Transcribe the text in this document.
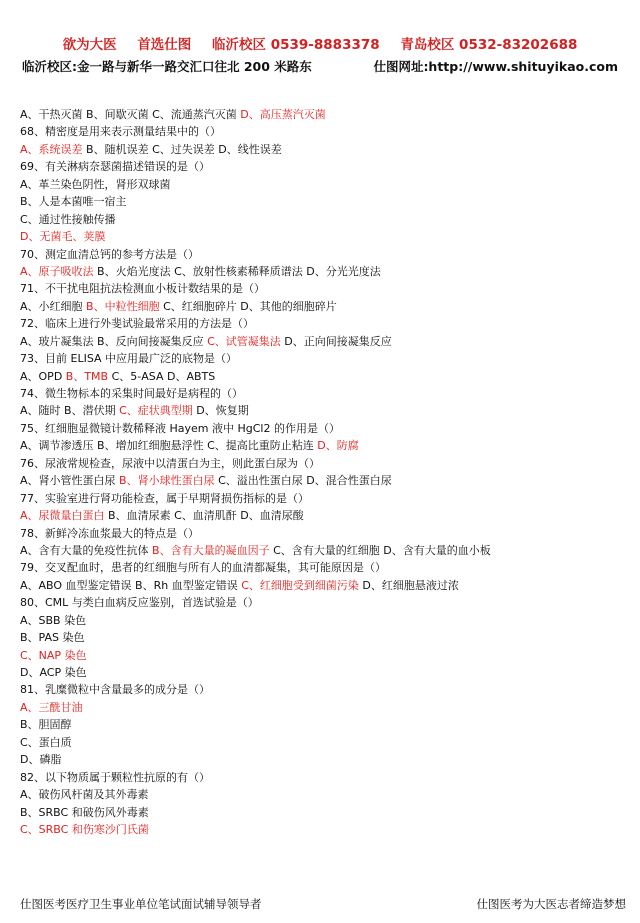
欲为大医 首选仕图 临沂校区 0539-8883378 青岛校区 0532-83202688
临沂校区:金一路与新华一路交汇口往北 200 米路东	仕图网址:http://www.shituyikao.com
A、干热灭菌 B、间歇灭菌 C、流通蒸汽灭菌 D、高压蒸汽灭菌
68、精密度是用来表示测量结果中的（）
A、系统误差 B、随机误差 C、过失误差 D、线性误差
69、有关淋病奈瑟菌描述错误的是（）
A、革兰染色阴性，肾形双球菌
B、人是本菌唯一宿主
C、通过性接触传播
D、无菌毛、荚膜
70、测定血清总钙的参考方法是（）
A、原子吸收法 B、火焰光度法 C、放射性核素稀释质谱法 D、分光光度法
71、不干扰电阻抗法检测血小板计数结果的是（）
A、小红细胞 B、中粒性细胞 C、红细胞碎片 D、其他的细胞碎片
72、临床上进行外斐试验最常采用的方法是（）
A、玻片凝集法 B、反向间接凝集反应 C、试管凝集法 D、正向间接凝集反应
73、目前 ELISA 中应用最广泛的底物是（）
A、OPD B、TMB C、5-ASA D、ABTS
74、微生物标本的采集时间最好是病程的（）
A、随时 B、潜伏期 C、症状典型期 D、恢复期
75、红细胞显微镜计数稀释液 Hayem 液中 HgCl2 的作用是（）
A、调节渗透压 B、增加红细胞悬浮性 C、提高比重防止粘连 D、防腐
76、尿液常规检查，尿液中以清蛋白为主，则此蛋白尿为（）
A、肾小管性蛋白尿 B、肾小球性蛋白尿 C、溢出性蛋白尿 D、混合性蛋白尿
77、实验室进行肾功能检查，属于早期肾损伤指标的是（）
A、尿微量白蛋白 B、血清尿素 C、血清肌酐 D、血清尿酸
78、新鲜冷冻血浆最大的特点是（）
A、含有大量的免疫性抗体 B、含有大量的凝血因子 C、含有大量的红细胞 D、含有大量的血小板
79、交叉配血时，患者的红细胞与所有人的血清都凝集，其可能原因是（）
A、ABO 血型鉴定错误 B、Rh 血型鉴定错误 C、红细胞受到细菌污染 D、红细胞悬液过浓
80、CML 与类白血病反应鉴别，首选试验是（）
A、SBB 染色
B、PAS 染色
C、NAP 染色
D、ACP 染色
81、乳糜微粒中含量最多的成分是（）
A、三酰甘油
B、胆固醇
C、蛋白质
D、磷脂
82、以下物质属于颗粒性抗原的有（）
A、破伤风杆菌及其外毒素
B、SRBC 和破伤风外毒素
C、SRBC 和伤寒沙门氏菌
仕图医考医疗卫生事业单位笔试面试辅导领导者	仕图医考为大医志者缔造梦想
